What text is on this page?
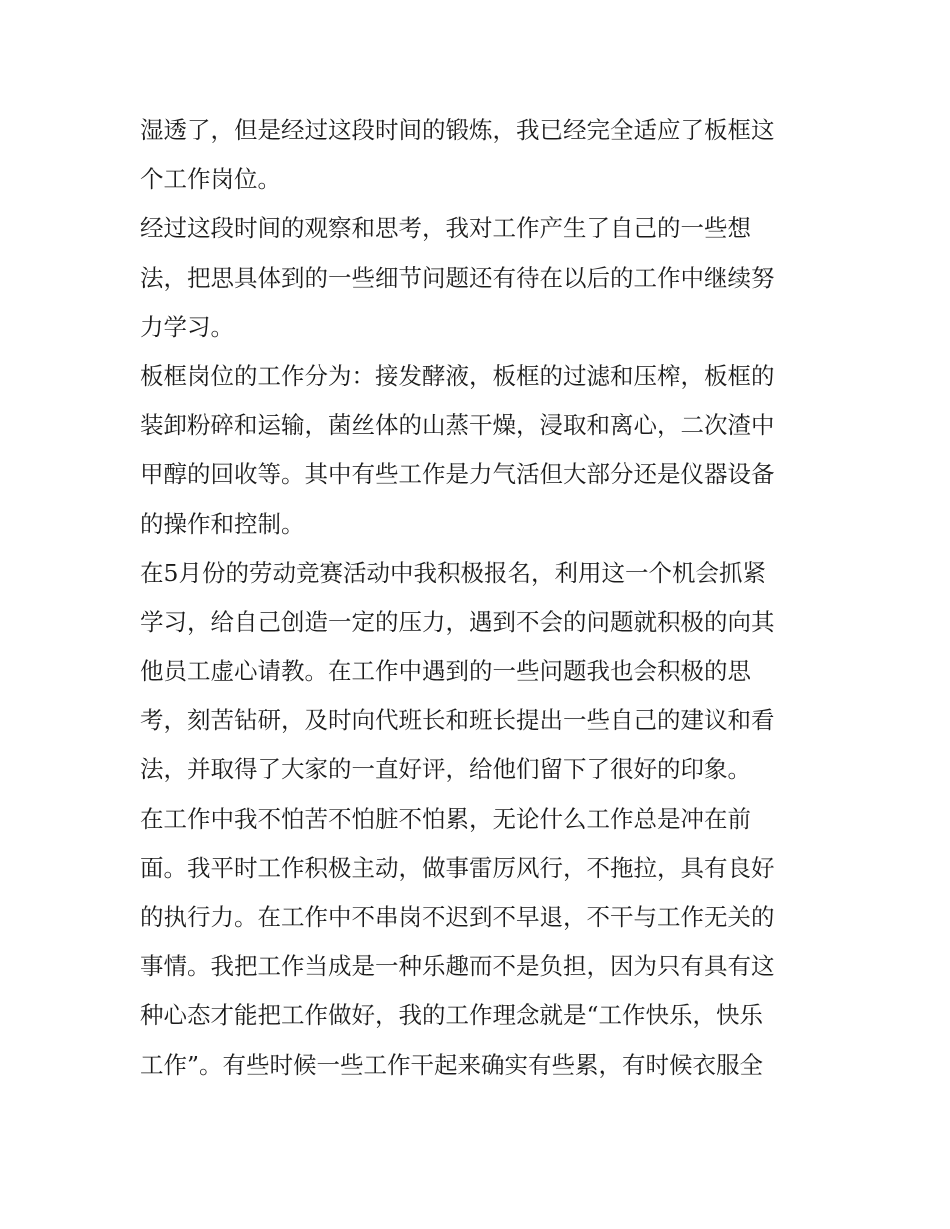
湿透了，但是经过这段时间的锻炼，我已经完全适应了板框这
个工作岗位。
经过这段时间的观察和思考，我对工作产生了自己的一些想
法，把思具体到的一些细节问题还有待在以后的工作中继续努
力学习。
板框岗位的工作分为：接发酵液，板框的过滤和压榨，板框的
装卸粉碎和运输，菌丝体的山蒸干燥，浸取和离心，二次渣中
甲醇的回收等。其中有些工作是力气活但大部分还是仪器设备
的操作和控制。
在5月份的劳动竞赛活动中我积极报名，利用这一个机会抓紧
学习，给自己创造一定的压力，遇到不会的问题就积极的向其
他员工虚心请教。在工作中遇到的一些问题我也会积极的思
考，刻苦钻研，及时向代班长和班长提出一些自己的建议和看
法，并取得了大家的一直好评，给他们留下了很好的印象。
在工作中我不怕苦不怕脏不怕累，无论什么工作总是冲在前
面。我平时工作积极主动，做事雷厉风行，不拖拉，具有良好
的执行力。在工作中不串岗不迟到不早退，不干与工作无关的
事情。我把工作当成是一种乐趣而不是负担，因为只有具有这
种心态才能把工作做好，我的工作理念就是“工作快乐，快乐
工作”。有些时候一些工作干起来确实有些累，有时候衣服全
